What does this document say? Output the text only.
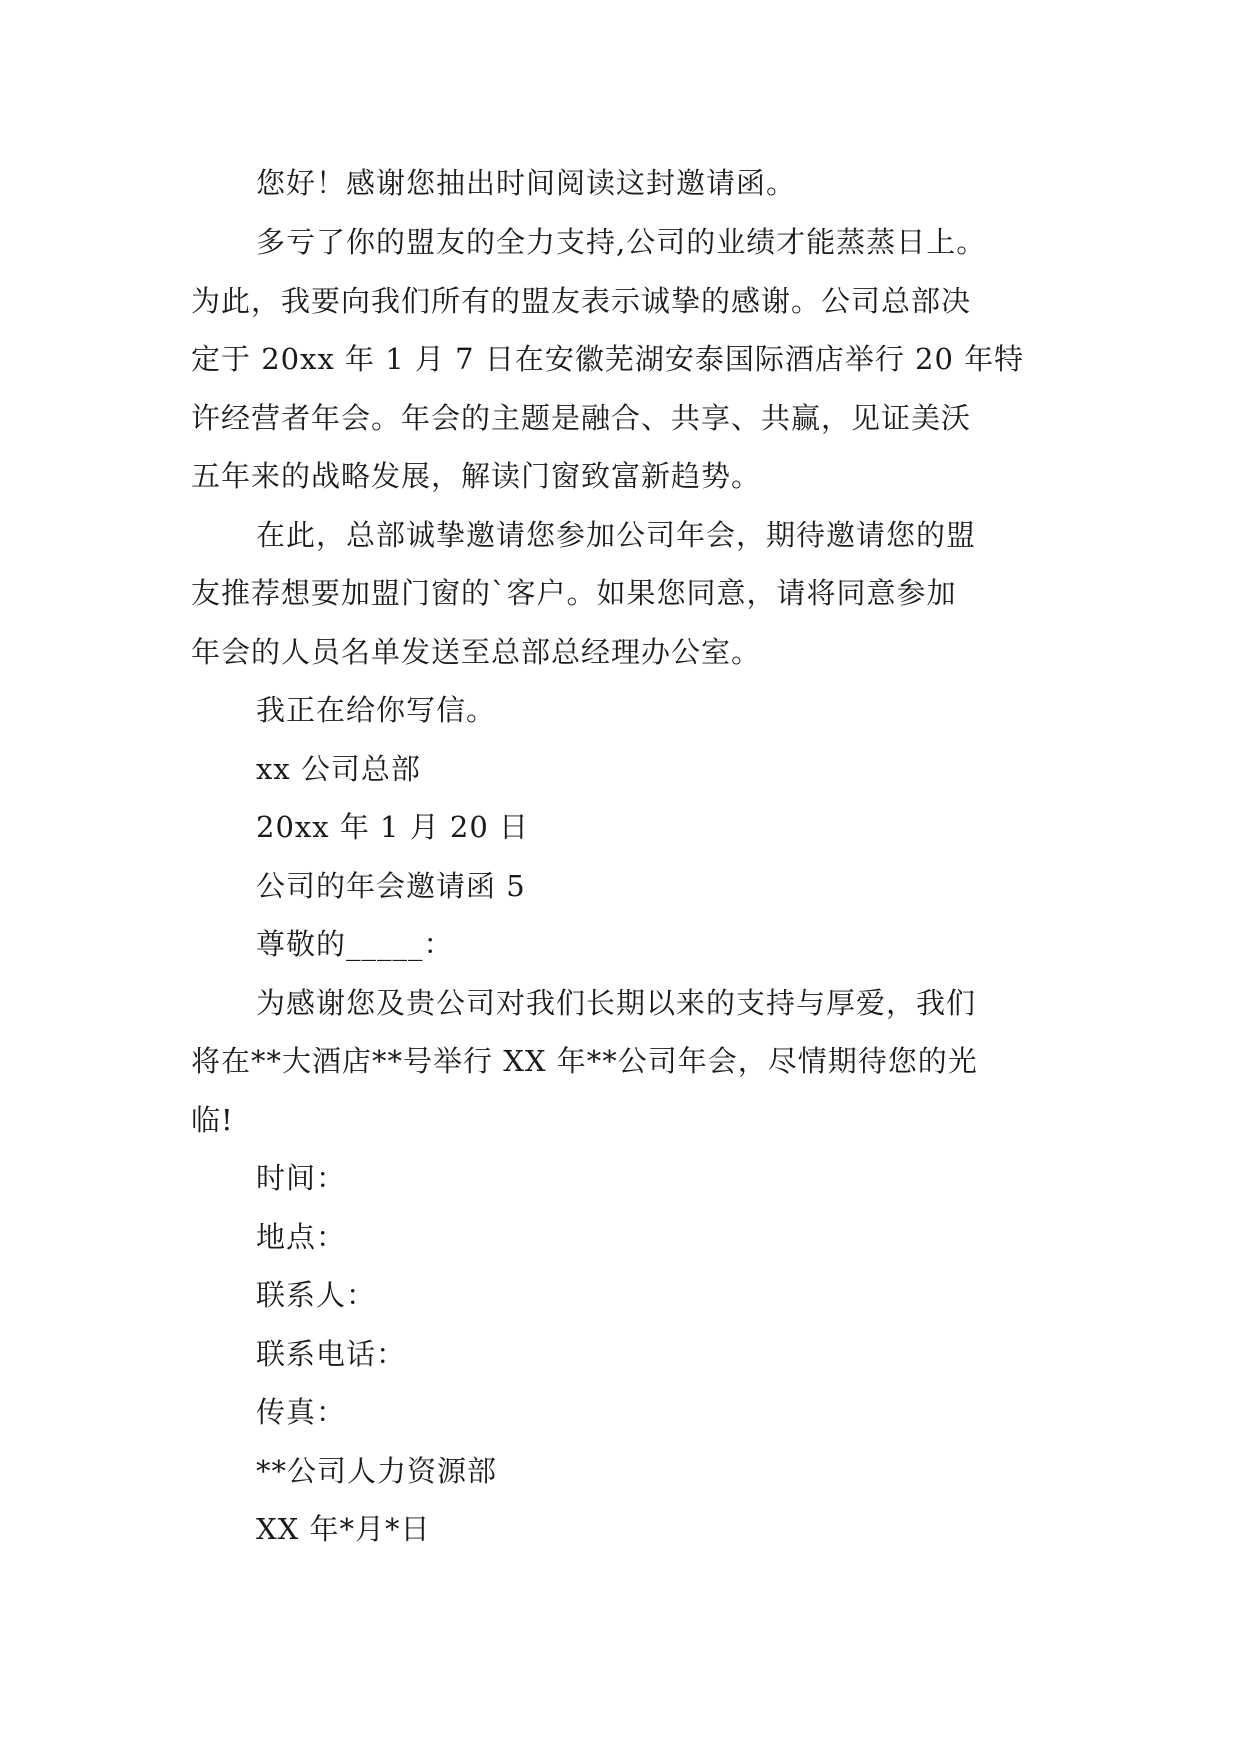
您好！感谢您抽出时间阅读这封邀请函。
多亏了你的盟友的全力支持,公司的业绩才能蒸蒸日上。
为此，我要向我们所有的盟友表示诚挚的感谢。公司总部决
定于 20xx 年 1 月 7 日在安徽芜湖安泰国际酒店举行 20 年特
许经营者年会。年会的主题是融合、共享、共赢，见证美沃
五年来的战略发展，解读门窗致富新趋势。
在此，总部诚挚邀请您参加公司年会，期待邀请您的盟
友推荐想要加盟门窗的`客户。如果您同意，请将同意参加
年会的人员名单发送至总部总经理办公室。
我正在给你写信。
xx 公司总部
20xx 年 1 月 20 日
公司的年会邀请函 5
尊敬的_____：
为感谢您及贵公司对我们长期以来的支持与厚爱，我们
将在**大酒店**号举行 XX 年**公司年会，尽情期待您的光
临!
时间：
地点：
联系人：
联系电话：
传真：
**公司人力资源部
XX 年*月*日
